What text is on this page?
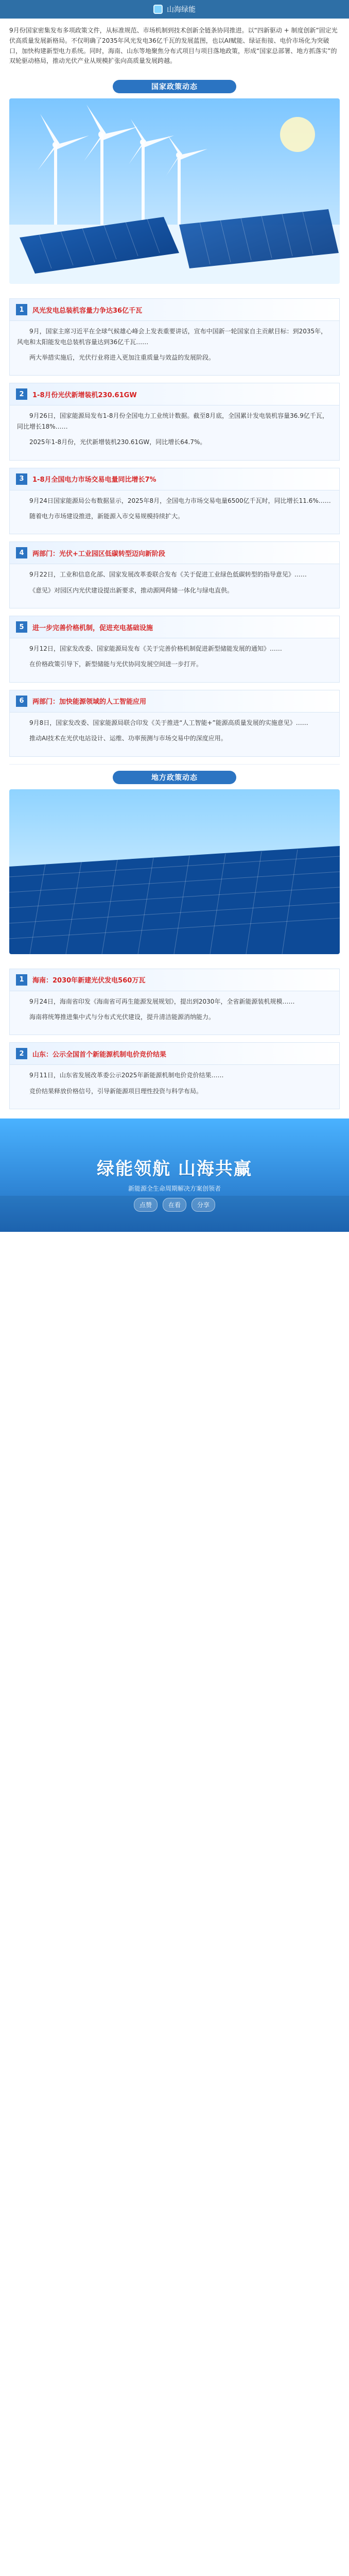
山海绿能
9月份国家密集发布多项政策文件，从标准规范、市场机制到技术创新全链条协同推进。以“四新驱动 + 制度创新”固定光伏高质量发展新格局。不仅明确了2035年风光发电36亿千瓦的发展蓝图，也以AI赋能、绿证衔接、电价市场化为突破口，加快构建新型电力系统。同时，海南、山东等地聚焦分布式项目与项目落地政策，形成“国家总部署、地方抓落实”的双轮驱动格局，推动光伏产业从规模扩张向高质量发展跨越。
国家政策动态
1	风光发电总装机容量力争达36亿千瓦

9月，国家主席习近平在全球气候雄心峰会上发表重要讲话，宣布中国新一轮国家自主贡献目标：到2035年，风电和太阳能发电总装机容量达到36亿千瓦……

两大举措实施后，光伏行业将进入更加注重质量与效益的发展阶段。

2	1-8月份光伏新增装机230.61GW

9月26日，国家能源局发布1-8月份全国电力工业统计数据。截至8月底，全国累计发电装机容量36.9亿千瓦，同比增长18%……

2025年1-8月份，光伏新增装机230.61GW，同比增长64.7%。

3	1-8月全国电力市场交易电量同比增长7%

9月24日国家能源局公布数据显示，2025年8月，全国电力市场交易电量6500亿千瓦时，同比增长11.6%……

随着电力市场建设推进，新能源入市交易规模持续扩大。

4	两部门：光伏+工业园区低碳转型迈向新阶段

9月22日，工业和信息化部、国家发展改革委联合发布《关于促进工业绿色低碳转型的指导意见》……

《意见》对园区内光伏建设提出新要求，推动源网荷储一体化与绿电直供。

5	进一步完善价格机制，促进充电基础设施

9月12日，国家发改委、国家能源局发布《关于完善价格机制促进新型储能发展的通知》……

在价格政策引导下，新型储能与光伏协同发展空间进一步打开。

6	两部门：加快能源领域的人工智能应用

9月8日，国家发改委、国家能源局联合印发《关于推进“人工智能+”能源高质量发展的实施意见》……

推动AI技术在光伏电站设计、运维、功率预测与市场交易中的深度应用。

地方政策动态
1	海南：2030年新建光伏发电560万瓦

9月24日，海南省印发《海南省可再生能源发展规划》，提出到2030年，全省新能源装机规模……

海南将统筹推进集中式与分布式光伏建设，提升清洁能源消纳能力。

2	山东：公示全国首个新能源机制电价竞价结果

9月11日，山东省发展改革委公示2025年新能源机制电价竞价结果……

竞价结果释放价格信号，引导新能源项目理性投资与科学布局。

绿能领航 山海共赢
新能源全生命周期解决方案创领者
点赞	在看	分享
